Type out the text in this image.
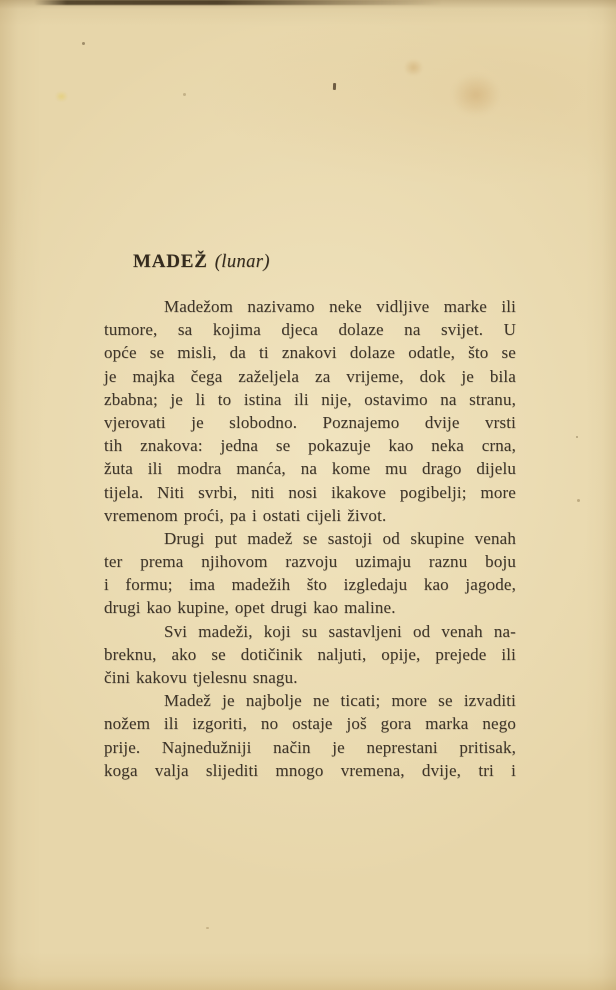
MADEŽ (lunar)
Madežom nazivamo neke vidljive marke ili
tumore, sa kojima djeca dolaze na svijet. U
opće se misli, da ti znakovi dolaze odatle, što se
je majka čega zaželjela za vrijeme, dok je bila
zbabna; je li to istina ili nije, ostavimo na stranu,
vjerovati je slobodno. Poznajemo dvije vrsti
tih znakova: jedna se pokazuje kao neka crna,
žuta ili modra manća, na kome mu drago dijelu
tijela. Niti svrbi, niti nosi ikakove pogibelji; more
vremenom proći, pa i ostati cijeli život.
Drugi put madež se sastoji od skupine venah
ter prema njihovom razvoju uzimaju raznu boju
i formu; ima madežih što izgledaju kao jagode,
drugi kao kupine, opet drugi kao maline.
Svi madeži, koji su sastavljeni od venah na-
breknu, ako se dotičinik naljuti, opije, prejede ili
čini kakovu tjelesnu snagu.
Madež je najbolje ne ticati; more se izvaditi
nožem ili izgoriti, no ostaje još gora marka nego
prije. Najnedužniji način je neprestani pritisak,
koga valja slijediti mnogo vremena, dvije, tri i
